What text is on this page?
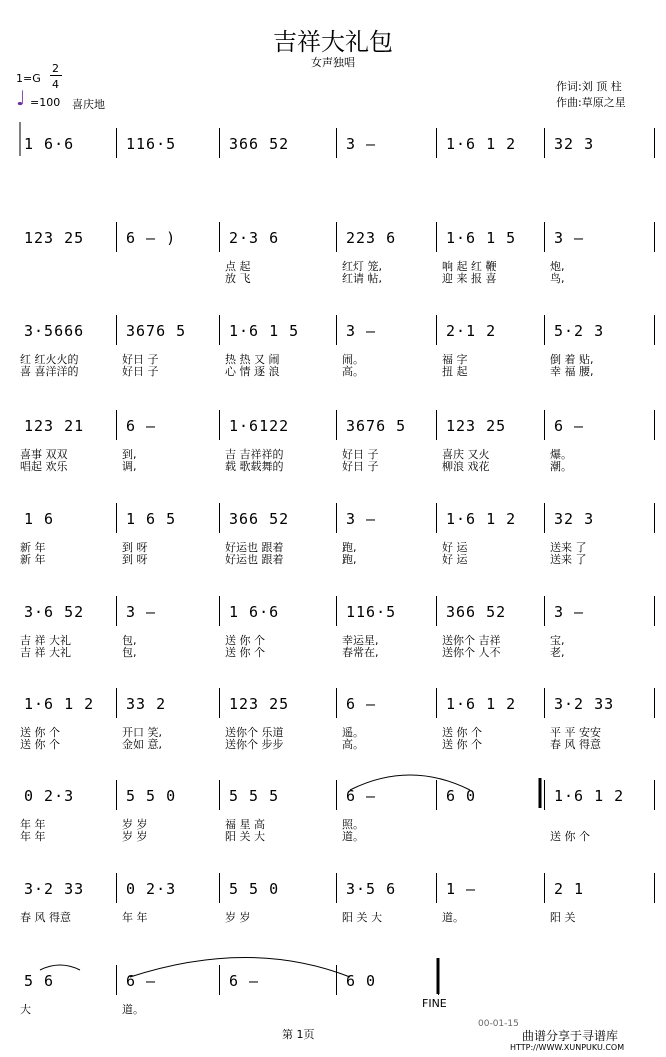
吉祥大礼包
女声独唱
1=G
2
4
♩ =100 喜庆地
作词:刘 顶 柱
作曲:草原之星
1 6·6	116·5	366 52	3 –	1·6 1 2	32 3
123 25	6 – )	2·3 6
点 起
放 飞
223 6
红灯 笼,
红请 帖,
1·6 1 5
响 起 红 鞭
迎 来 报 喜
3 –
炮,
鸟,
3·5666
红 红火火的
喜 喜洋洋的
3676 5
好日 子
好日 子
1·6 1 5
热 热 又 闹
心 情 逐 浪
3 –
闹。
高。
2·1 2
福 字
扭 起
5·2 3
倒 着 贴,
幸 福 腰,
123 21
喜事 双双
唱起 欢乐
6 –
到,
调,
1·6122
吉 吉祥祥的
载 歌载舞的
3676 5
好日 子
好日 子
123 25
喜庆 又火
柳浪 戏花
6 –
爆。
潮。
1 6
新 年
新 年
1 6 5
到 呀
到 呀
366 52
好运也 跟着
好运也 跟着
3 –
跑,
跑,
1·6 1 2
好 运
好 运
32 3
送来 了
送来 了
3·6 52
吉 祥 大礼
吉 祥 大礼
3 –
包,
包,
1 6·6
送 你 个
送 你 个
116·5
幸运星,
春常在,
366 52
送你个 吉祥
送你个 人不
3 –
宝,
老,
1·6 1 2
送 你 个
送 你 个
33 2
开口 笑,
金如 意,
123 25
送你个 乐道
送你个 步步
6 –
遥。
高。
1·6 1 2
送 你 个
送 你 个
3·2 33
平 平 安安
春 风 得意
0 2·3
年 年
年 年
5 5 0
岁 岁
岁 岁
5 5 5
福 星 高
阳 关 大
6 –
照。
道。
6 0	1·6 1 2
送 你 个
3·2 33
春 风 得意
0 2·3
年 年
5 5 0
岁 岁
3·5 6
阳 关 大
1 –
道。
2 1
阳 关
5 6
大
6 –
道。
6 –	6 0
FINE
第 1页
00-01-15
曲谱分享于寻谱库
HTTP://WWW.XUNPUKU.COM
